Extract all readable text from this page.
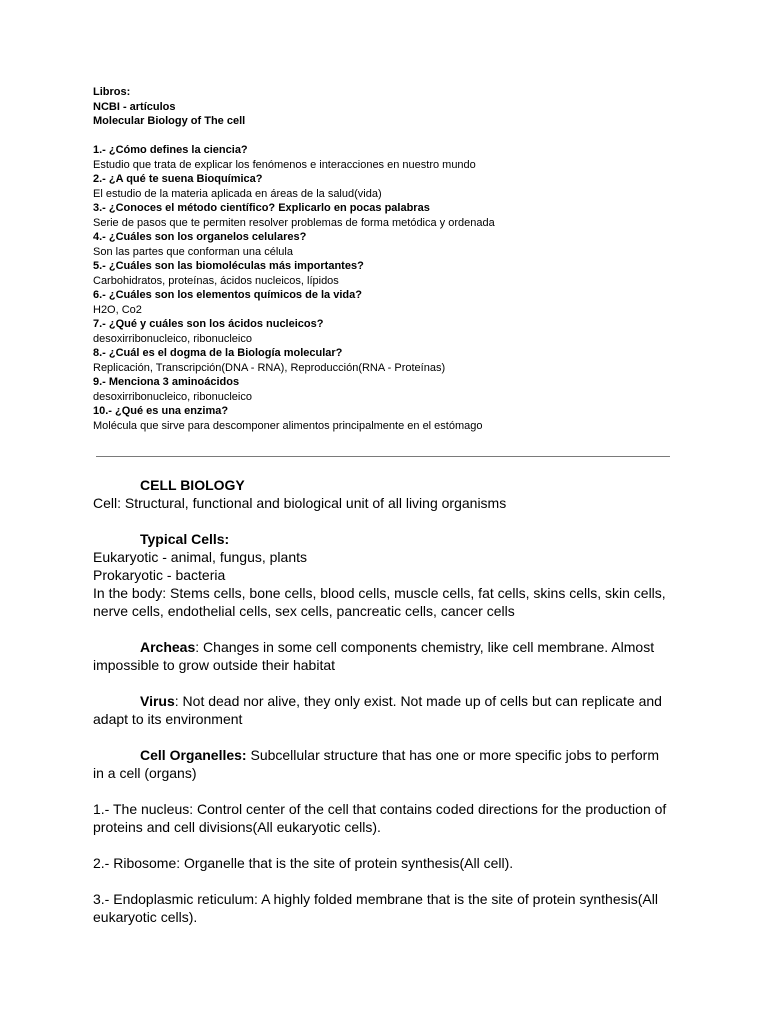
Libros:
NCBI - artículos
Molecular Biology of The cell
1.- ¿Cómo defines la ciencia?
Estudio que trata de explicar los fenómenos e interacciones en nuestro mundo
2.- ¿A qué te suena Bioquímica?
El estudio de la materia aplicada en áreas de la salud(vida)
3.- ¿Conoces el método científico? Explicarlo en pocas palabras
Serie de pasos que te permiten resolver problemas de forma metódica y ordenada
4.- ¿Cuáles son los organelos celulares?
Son las partes que conforman una célula
5.- ¿Cuáles son las biomoléculas más importantes?
Carbohidratos, proteínas, ácidos nucleicos, lípidos
6.- ¿Cuáles son los elementos químicos de la vida?
H2O, Co2
7.- ¿Qué y cuáles son los ácidos nucleicos?
desoxirribonucleico, ribonucleico
8.- ¿Cuál es el dogma de la Biología molecular?
Replicación, Transcripción(DNA - RNA), Reproducción(RNA - Proteínas)
9.- Menciona 3 aminoácidos
desoxirribonucleico, ribonucleico
10.- ¿Qué es una enzima?
Molécula que sirve para descomponer alimentos principalmente en el estómago
CELL BIOLOGY
Cell: Structural, functional and biological unit of all living organisms
Typical Cells:
Eukaryotic - animal, fungus, plants
Prokaryotic - bacteria
In the body: Stems cells, bone cells, blood cells, muscle cells, fat cells, skins cells, skin cells,
nerve cells, endothelial cells, sex cells, pancreatic cells, cancer cells
Archeas: Changes in some cell components chemistry, like cell membrane. Almost
impossible to grow outside their habitat
Virus: Not dead nor alive, they only exist. Not made up of cells but can replicate and
adapt to its environment
Cell Organelles: Subcellular structure that has one or more specific jobs to perform
in a cell (organs)
1.- The nucleus: Control center of the cell that contains coded directions for the production of
proteins and cell divisions(All eukaryotic cells).
2.- Ribosome: Organelle that is the site of protein synthesis(All cell).
3.- Endoplasmic reticulum: A highly folded membrane that is the site of protein synthesis(All
eukaryotic cells).
